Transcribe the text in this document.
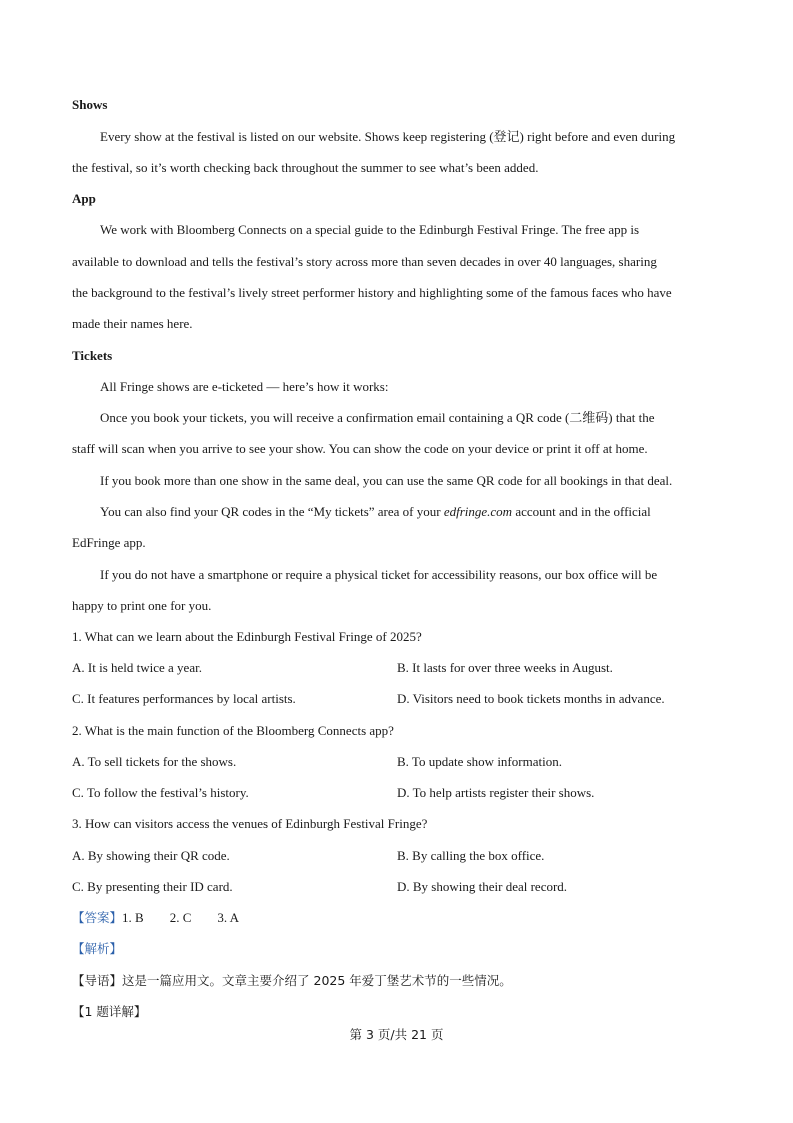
Shows
Every show at the festival is listed on our website. Shows keep registering (登记) right before and even during
the festival, so it’s worth checking back throughout the summer to see what’s been added.
App
We work with Bloomberg Connects on a special guide to the Edinburgh Festival Fringe. The free app is
available to download and tells the festival’s story across more than seven decades in over 40 languages, sharing
the background to the festival’s lively street performer history and highlighting some of the famous faces who have
made their names here.
Tickets
All Fringe shows are e-ticketed — here’s how it works:
Once you book your tickets, you will receive a confirmation email containing a QR code (二维码) that the
staff will scan when you arrive to see your show. You can show the code on your device or print it off at home.
If you book more than one show in the same deal, you can use the same QR code for all bookings in that deal.
You can also find your QR codes in the “My tickets” area of your edfringe.com account and in the official
EdFringe app.
If you do not have a smartphone or require a physical ticket for accessibility reasons, our box office will be
happy to print one for you.
1. What can we learn about the Edinburgh Festival Fringe of 2025?
A. It is held twice a year.	B. It lasts for over three weeks in August.
C. It features performances by local artists.	D. Visitors need to book tickets months in advance.
2. What is the main function of the Bloomberg Connects app?
A. To sell tickets for the shows.	B. To update show information.
C. To follow the festival’s history.	D. To help artists register their shows.
3. How can visitors access the venues of Edinburgh Festival Fringe?
A. By showing their QR code.	B. By calling the box office.
C. By presenting their ID card.	D. By showing their deal record.
【答案】1. B 2. C 3. A
【解析】
【导语】这是一篇应用文。文章主要介绍了 2025 年爱丁堡艺术节的一些情况。
【1 题详解】
第 3 页/共 21 页
